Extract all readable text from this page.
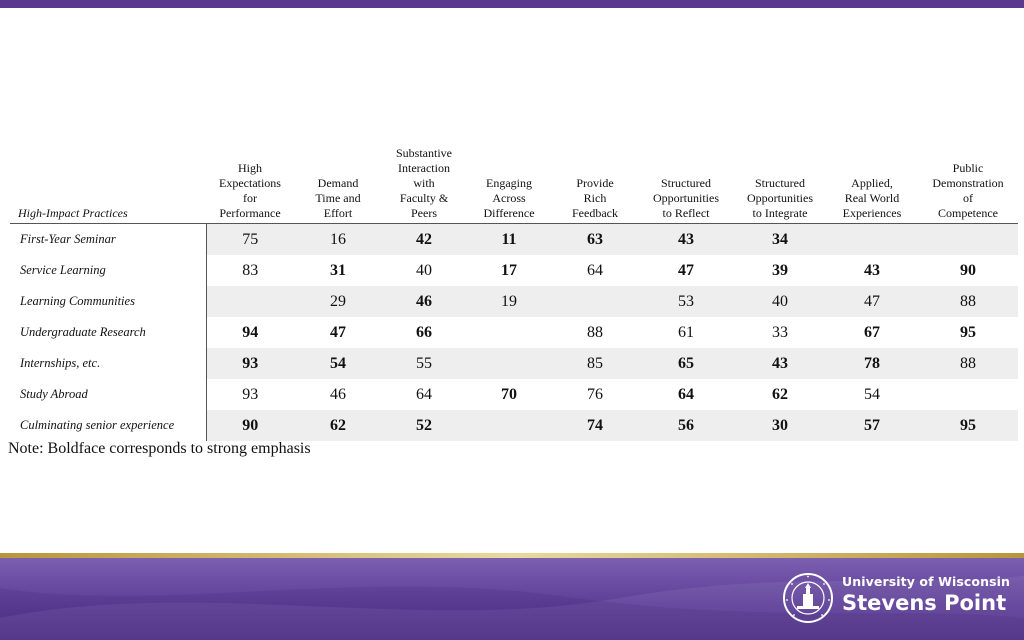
High-Impact Practices	High
Expectations
for
Performance	Demand
Time and
Effort	Substantive
Interaction
with
Faculty &
Peers	Engaging
Across
Difference	Provide
Rich
Feedback	Structured
Opportunities
to Reflect	Structured
Opportunities
to Integrate	Applied,
Real World
Experiences	Public
Demonstration
of
Competence

First-Year Seminar	75	16	42	11	63	43	34		
Service Learning	83	31	40	17	64	47	39	43	90
Learning Communities		29	46	19		53	40	47	88
Undergraduate Research	94	47	66		88	61	33	67	95
Internships, etc.	93	54	55		85	65	43	78	88
Study Abroad	93	46	64	70	76	64	62	54	
Culminating senior experience	90	62	52		74	56	30	57	95
Note: Boldface corresponds to strong emphasis
University of Wisconsin
Stevens Point
